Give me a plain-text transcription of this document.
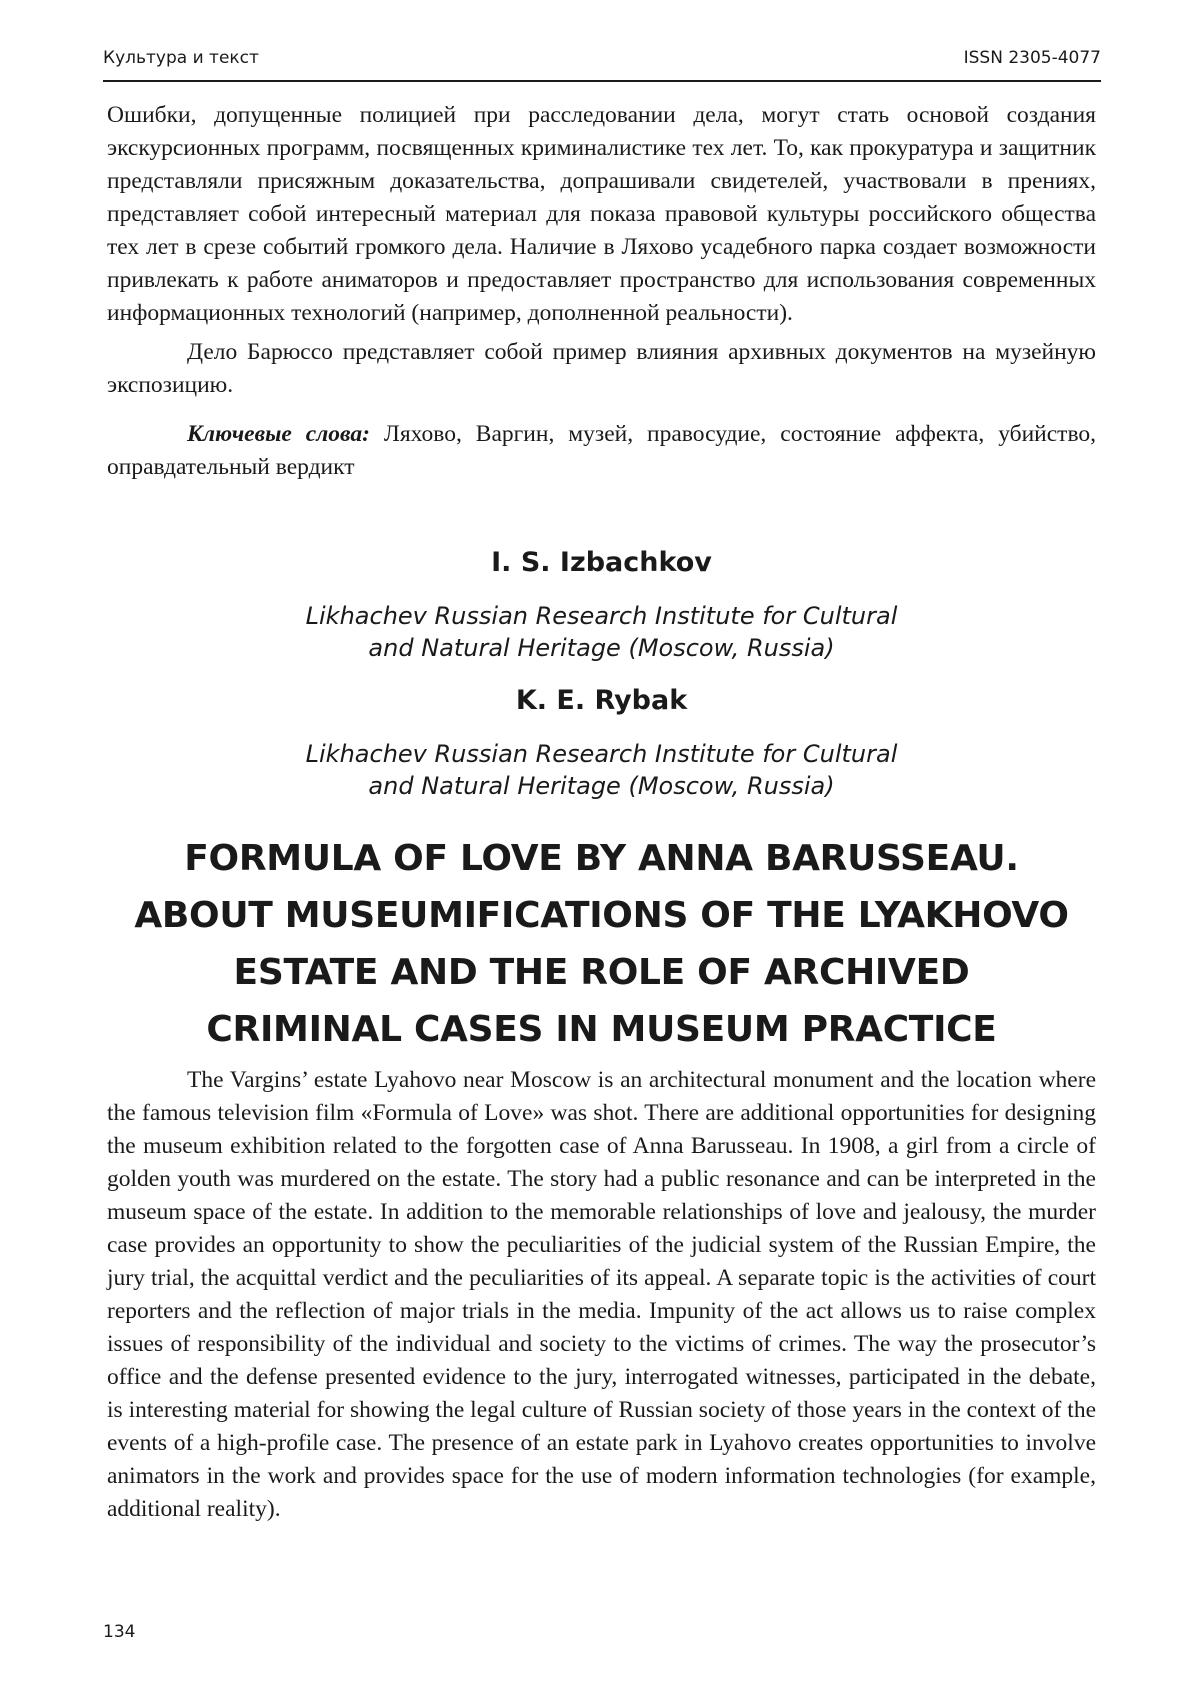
Культура и текст	ISSN 2305-4077

Ошибки, допущенные полицией при расследовании дела, могут стать основой создания экскурсионных программ, посвященных криминалистике тех лет. То, как прокуратура и защитник представляли присяжным доказательства, допрашивали свидетелей, участвовали в прениях, представляет собой интересный материал для показа правовой культуры российского общества тех лет в срезе событий громкого дела. Наличие в Ляхово усадебного парка создает возможности привлекать к работе аниматоров и предоставляет пространство для использования современных информационных технологий (например, дополненной реальности).

Дело Барюссо представляет собой пример влияния архивных документов на музейную экспозицию.

Ключевые слова: Ляхово, Варгин, музей, правосудие, состояние аффекта, убийство, оправдательный вердикт

I. S. Izbachkov

Likhachev Russian Research Institute for Cultural
and Natural Heritage (Moscow, Russia)

K. E. Rybak

Likhachev Russian Research Institute for Cultural
and Natural Heritage (Moscow, Russia)
FORMULA OF LOVE BY ANNA BARUSSEAU.
ABOUT MUSEUMIFICATIONS OF THE LYAKHOVO
ESTATE AND THE ROLE OF ARCHIVED
CRIMINAL CASES IN MUSEUM PRACTICE

The Vargins’ estate Lyahovo near Moscow is an architectural monument and the location where the famous television film «Formula of Love» was shot. There are additional opportunities for designing the museum exhibition related to the forgotten case of Anna Barusseau. In 1908, a girl from a circle of golden youth was murdered on the estate. The story had a public resonance and can be interpreted in the museum space of the estate. In addition to the memorable relationships of love and jealousy, the murder case provides an opportunity to show the peculiarities of the judicial system of the Russian Empire, the jury trial, the acquittal verdict and the peculiarities of its appeal. A separate topic is the activities of court reporters and the reflection of major trials in the media. Impunity of the act allows us to raise complex issues of responsibility of the individual and society to the victims of crimes. The way the prosecutor’s office and the defense presented evidence to the jury, interrogated witnesses, participated in the debate, is interesting material for showing the legal culture of Russian society of those years in the context of the events of a high-profile case. The presence of an estate park in Lyahovo creates opportunities to involve animators in the work and provides space for the use of modern information technologies (for example, additional reality).

134
